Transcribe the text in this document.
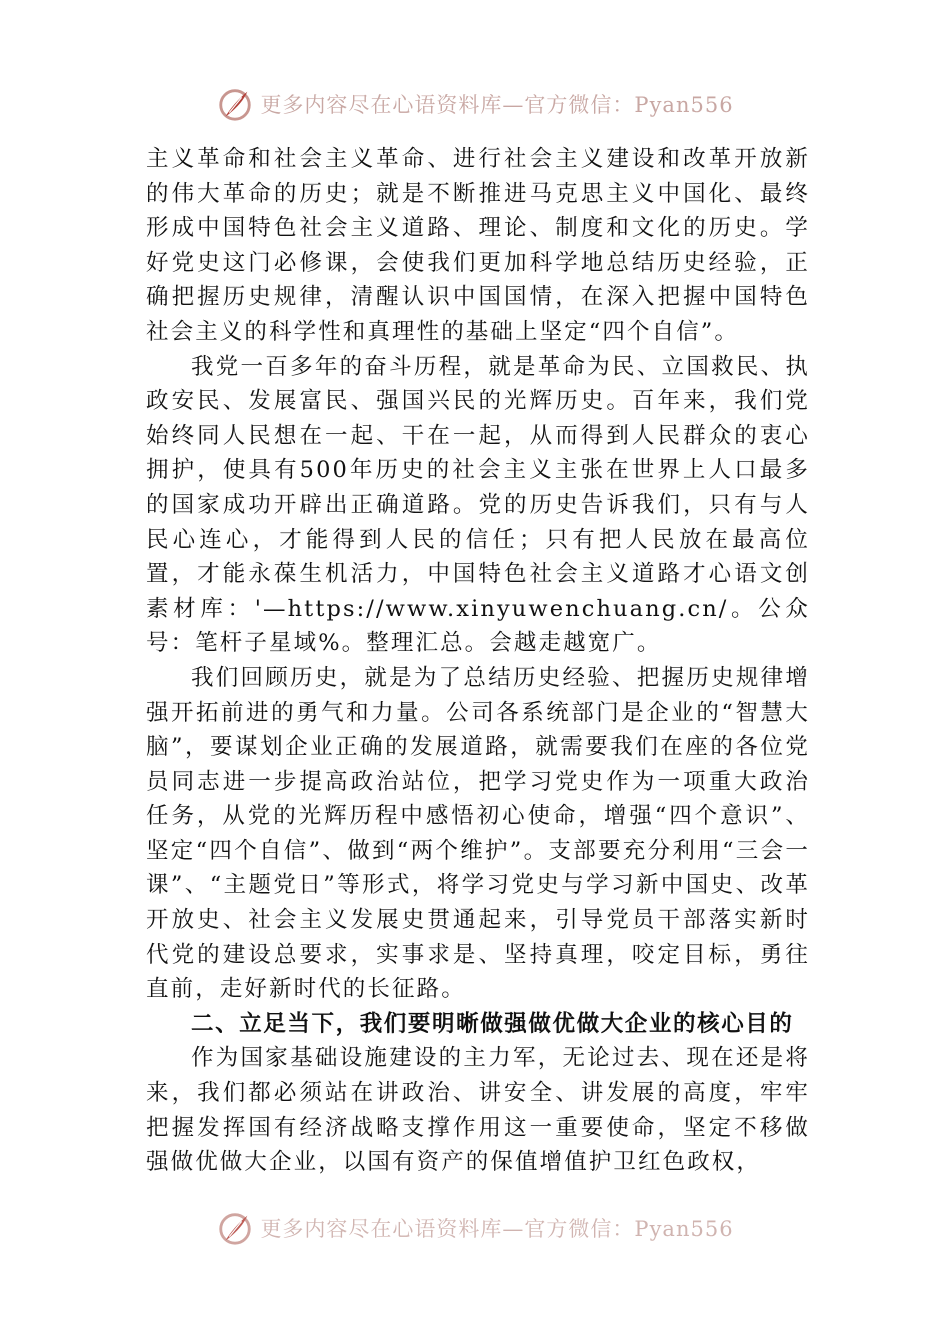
更多内容尽在心语资料库—官方微信：Pyan556

主义革命和社会主义革命、进行社会主义建设和改革开放新的伟大革命的历史；就是不断推进马克思主义中国化、最终形成中国特色社会主义道路、理论、制度和文化的历史。学好党史这门必修课，会使我们更加科学地总结历史经验，正确把握历史规律，清醒认识中国国情，在深入把握中国特色社会主义的科学性和真理性的基础上坚定“四个自信”。

我党一百多年的奋斗历程，就是革命为民、立国救民、执政安民、发展富民、强国兴民的光辉历史。百年来，我们党始终同人民想在一起、干在一起，从而得到人民群众的衷心拥护，使具有500年历史的社会主义主张在世界上人口最多的国家成功开辟出正确道路。党的历史告诉我们，只有与人民心连心，才能得到人民的信任；只有把人民放在最高位置，才能永葆生机活力，中国特色社会主义道路才心语文创素材库：'—https://www.xinyuwenchuang.cn/。公众号：笔杆子星域%。整理汇总。会越走越宽广。

我们回顾历史，就是为了总结历史经验、把握历史规律增强开拓前进的勇气和力量。公司各系统部门是企业的“智慧大脑”，要谋划企业正确的发展道路，就需要我们在座的各位党员同志进一步提高政治站位，把学习党史作为一项重大政治任务，从党的光辉历程中感悟初心使命，增强“四个意识”、坚定“四个自信”、做到“两个维护”。支部要充分利用“三会一课”、“主题党日”等形式，将学习党史与学习新中国史、改革开放史、社会主义发展史贯通起来，引导党员干部落实新时代党的建设总要求，实事求是、坚持真理，咬定目标，勇往直前，走好新时代的长征路。

二、立足当下，我们要明晰做强做优做大企业的核心目的

作为国家基础设施建设的主力军，无论过去、现在还是将来，我们都必须站在讲政治、讲安全、讲发展的高度，牢牢把握发挥国有经济战略支撑作用这一重要使命，坚定不移做强做优做大企业，以国有资产的保值增值护卫红色政权，

更多内容尽在心语资料库—官方微信：Pyan556
